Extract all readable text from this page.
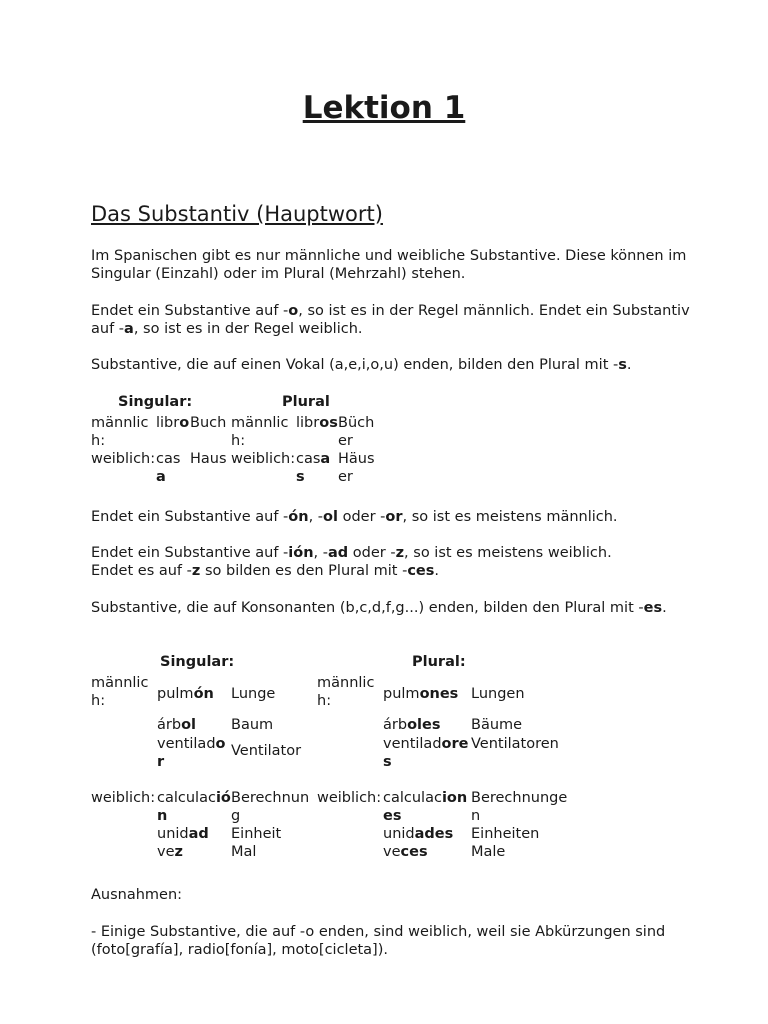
Lektion 1
Das Substantiv (Hauptwort)

Im Spanischen gibt es nur männliche und weibliche Substantive. Diese können im Singular (Einzahl) oder im Plural (Mehrzahl) stehen.

Endet ein Substantive auf -o, so ist es in der Regel männlich. Endet ein Substantiv auf -a, so ist es in der Regel weiblich.

Substantive, die auf einen Vokal (a,e,i,o,u) enden, bilden den Plural mit -s.

Singular:	Plural

männlich:	libro	Buch	männlich:	libros	Bücher
weiblich:	casa	Haus	weiblich:	casas	Häuser

Endet ein Substantive auf -ón, -ol oder -or, so ist es meistens männlich.

Endet ein Substantive auf -ión, -ad oder -z, so ist es meistens weiblich.
Endet es auf -z so bilden es den Plural mit -ces.

Substantive, die auf Konsonanten (b,c,d,f,g...) enden, bilden den Plural mit -es.

Singular:	Plural:

männlich:	pulmón	Lunge	männlich:	pulmones	Lungen
	árbol	Baum		árboles	Bäume
	ventilador	Ventilator		ventiladores	Ventilatoren
weiblich:	calculación	Berechnung	weiblich:	calculaciones	Berechnungen
	unidad	Einheit		unidades	Einheiten
	vez	Mal		veces	Male

Ausnahmen:

- Einige Substantive, die auf -o enden, sind weiblich, weil sie Abkürzungen sind (foto[grafía], radio[fonía], moto[cicleta]).
